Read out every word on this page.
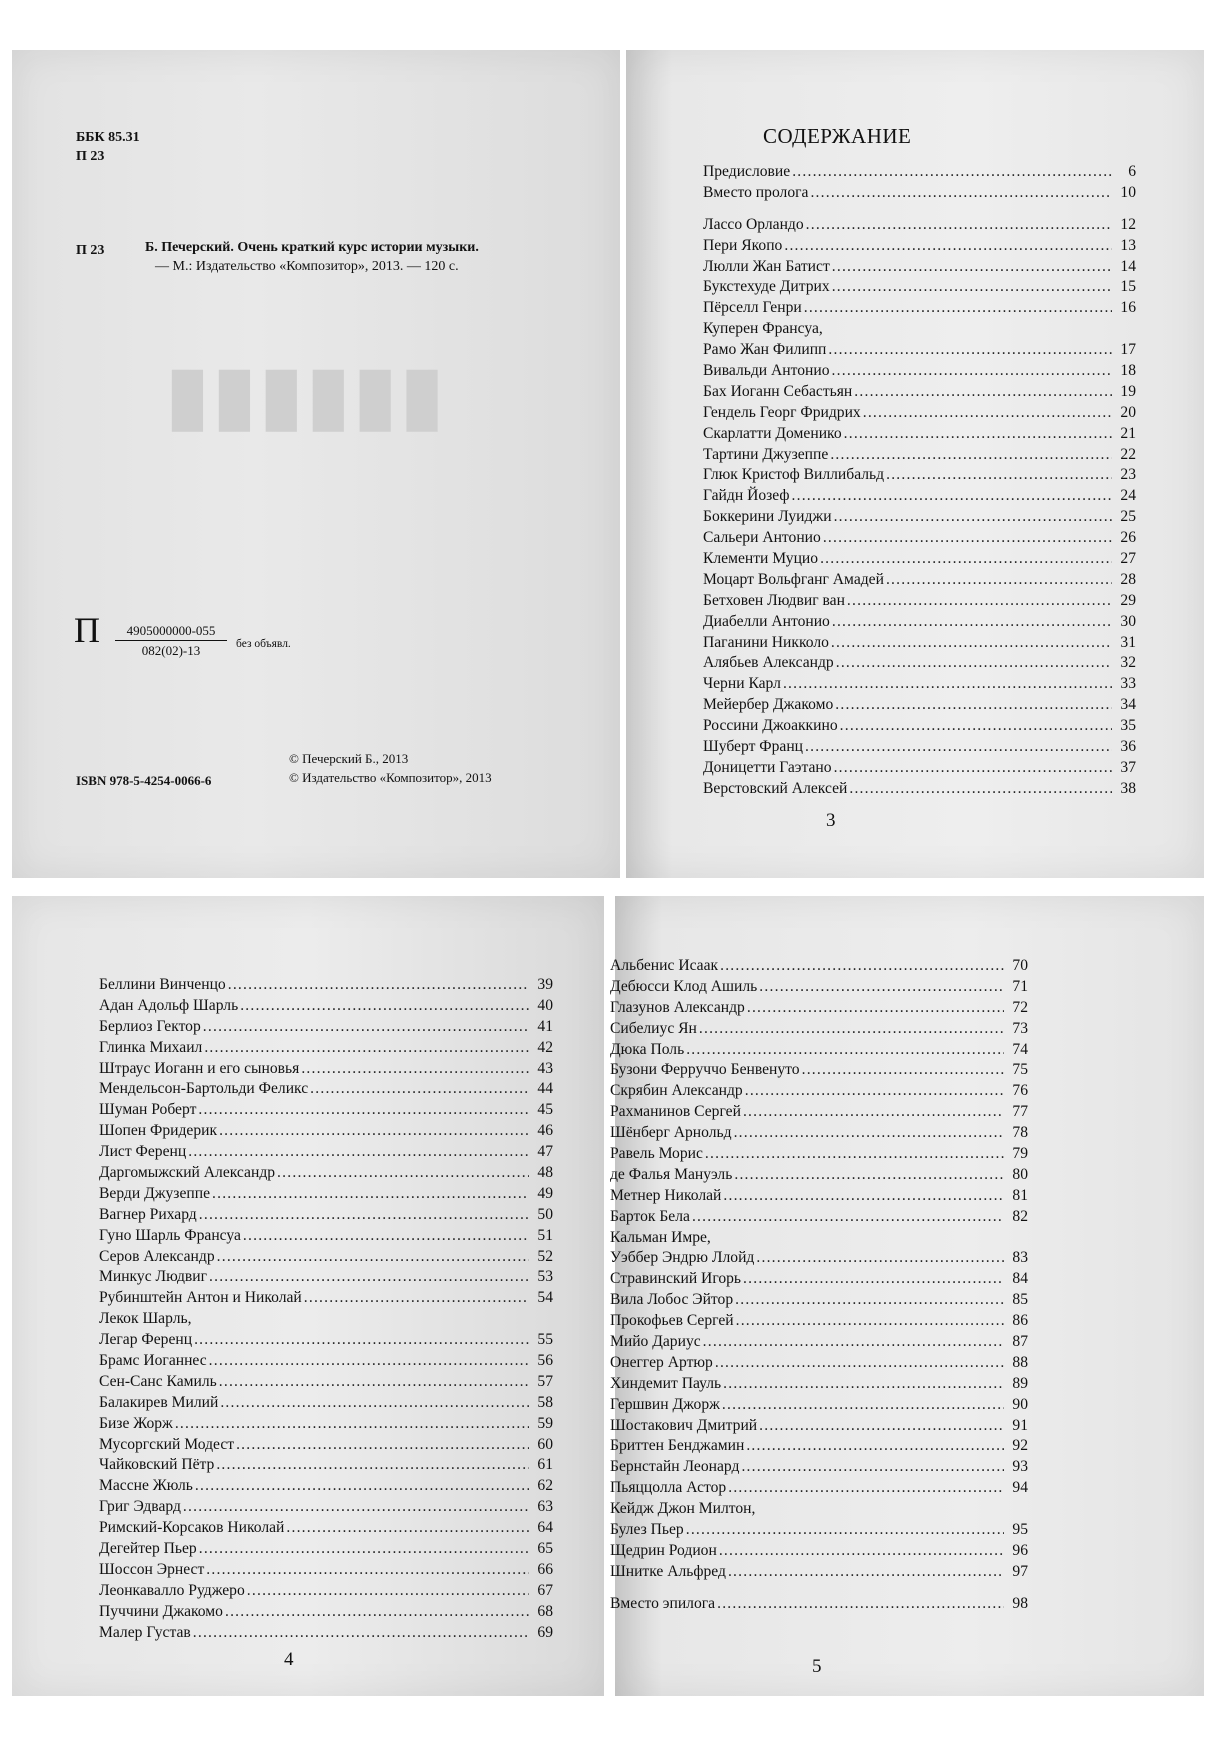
▮▮▮▮▮▮
ББК 85.31
П 23
П 23	Б. Печерский. Очень краткий курс истории музыки.
— М.: Издательство «Композитор», 2013. — 120 с.
П	4905000000-055
082(02)-13	без объявл.
ISBN 978-5-4254-0066-6
© Печерский Б., 2013
© Издательство «Композитор», 2013
СОДЕРЖАНИЕ
Предисловие .....	6
Вместо пролога .....	10
Лассо Орландо .....	12
Пери Якопо .....	13
Люлли Жан Батист .....	14
Букстехуде Дитрих .....	15
Пёрселл Генри .....	16
Куперен Франсуа,
Рамо Жан Филипп .....	17
Вивальди Антонио .....	18
Бах Иоганн Себастьян .....	19
Гендель Георг Фридрих .....	20
Скарлатти Доменико .....	21
Тартини Джузеппе .....	22
Глюк Кристоф Виллибальд .....	23
Гайдн Йозеф .....	24
Боккерини Луиджи .....	25
Сальери Антонио .....	26
Клементи Муцио .....	27
Моцарт Вольфганг Амадей .....	28
Бетховен Людвиг ван .....	29
Диабелли Антонио .....	30
Паганини Никколо .....	31
Алябьев Александр .....	32
Черни Карл .....	33
Мейербер Джакомо .....	34
Россини Джоаккино .....	35
Шуберт Франц .....	36
Доницетти Гаэтано .....	37
Верстовский Алексей .....	38
3
Беллини Винченцо .....	39
Адан Адольф Шарль .....	40
Берлиоз Гектор .....	41
Глинка Михаил .....	42
Штраус Иоганн и его сыновья .....	43
Мендельсон-Бартольди Феликс .....	44
Шуман Роберт .....	45
Шопен Фридерик .....	46
Лист Ференц .....	47
Даргомыжский Александр .....	48
Верди Джузеппе .....	49
Вагнер Рихард .....	50
Гуно Шарль Франсуа .....	51
Серов Александр .....	52
Минкус Людвиг .....	53
Рубинштейн Антон и Николай .....	54
Лекок Шарль,
Легар Ференц .....	55
Брамс Иоганнес .....	56
Сен-Санс Камиль .....	57
Балакирев Милий .....	58
Бизе Жорж .....	59
Мусоргский Модест .....	60
Чайковский Пётр .....	61
Массне Жюль .....	62
Григ Эдвард .....	63
Римский-Корсаков Николай .....	64
Дегейтер Пьер .....	65
Шоссон Эрнест .....	66
Леонкавалло Руджеро .....	67
Пуччини Джакомо .....	68
Малер Густав .....	69
4
Альбенис Исаак .....	70
Дебюсси Клод Ашиль .....	71
Глазунов Александр .....	72
Сибелиус Ян .....	73
Дюка Поль .....	74
Бузони Ферруччо Бенвенуто .....	75
Скрябин Александр .....	76
Рахманинов Сергей .....	77
Шёнберг Арнольд .....	78
Равель Морис .....	79
де Фалья Мануэль .....	80
Метнер Николай .....	81
Барток Бела .....	82
Кальман Имре,
Уэббер Эндрю Ллойд .....	83
Стравинский Игорь .....	84
Вила Лобос Эйтор .....	85
Прокофьев Сергей .....	86
Мийо Дариус .....	87
Онеггер Артюр .....	88
Хиндемит Пауль .....	89
Гершвин Джорж .....	90
Шостакович Дмитрий .....	91
Бриттен Бенджамин .....	92
Бернстайн Леонард .....	93
Пьяццолла Астор .....	94
Кейдж Джон Милтон,
Булез Пьер .....	95
Щедрин Родион .....	96
Шнитке Альфред .....	97
Вместо эпилога .....	98
5
